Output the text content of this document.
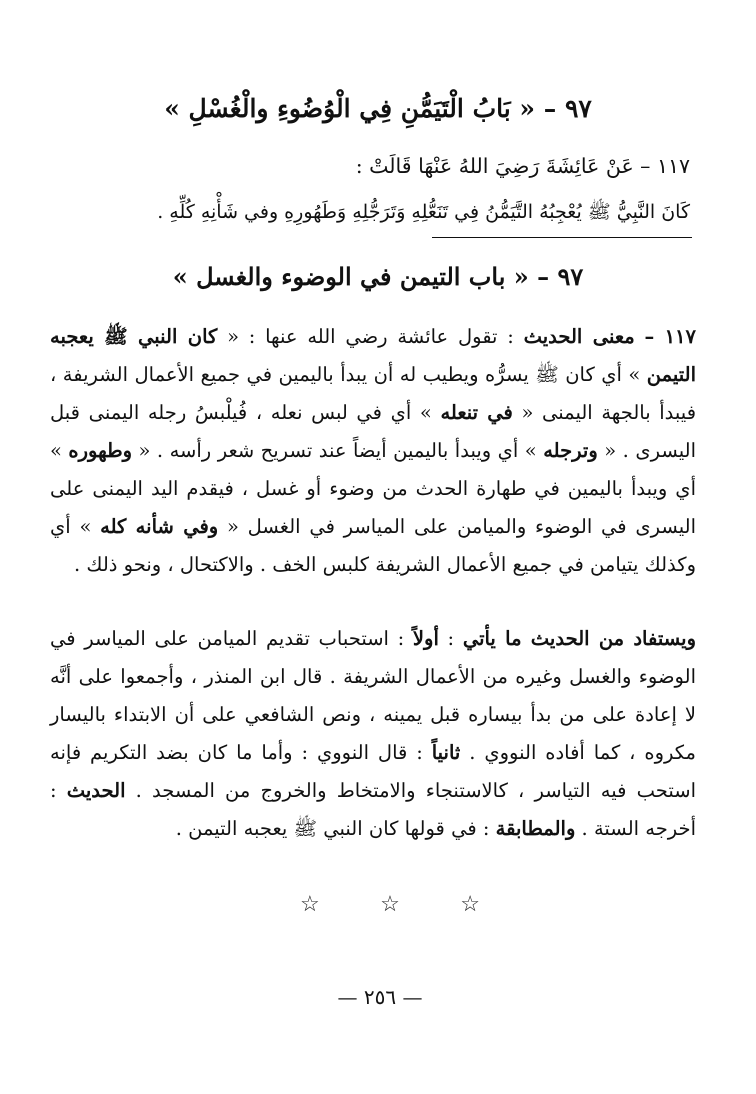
٩٧ – « بَابُ الْتَيَمُّنِ فِي الْوُضُوءِ والْغُسْلِ »
١١٧ – عَنْ عَائِشَةَ رَضِيَ اللهُ عَنْهَا قَالَتْ :
كَانَ النَّبِيُّ ﷺ يُعْجِبُهُ التَّيَمُّنُ فِي تَنَعُّلِهِ وَتَرَجُّلِهِ وَطَهُورِهِ وفي شَأْنِهِ كُلِّهِ .
٩٧ – « باب التيمن في الوضوء والغسل »
١١٧ – معنى الحديث : تقول عائشة رضي الله عنها : « كان النبي ﷺ يعجبه التيمن » أي كان ﷺ يسرُّه ويطيب له أن يبدأ باليمين في جميع الأعمال الشريفة ، فيبدأ بالجهة اليمنى « في تنعله » أي في لبس نعله ، فُيلْبسُ رجله اليمنى قبل اليسرى . « وترجله » أي ويبدأ باليمين أيضاً عند تسريح شعر رأسه . « وطهوره » أي ويبدأ باليمين في طهارة الحدث من وضوء أو غسل ، فيقدم اليد اليمنى على اليسرى في الوضوء والميامن على المياسر في الغسل « وفي شأنه كله » أي وكذلك يتيامن في جميع الأعمال الشريفة كلبس الخف . والاكتحال ، ونحو ذلك .
ويستفاد من الحديث ما يأتي : أولاً : استحباب تقديم الميامن على المياسر في الوضوء والغسل وغيره من الأعمال الشريفة . قال ابن المنذر ، وأجمعوا على أنَّه لا إعادة على من بدأ بيساره قبل يمينه ، ونص الشافعي على أن الابتداء باليسار مكروه ، كما أفاده النووي . ثانياً : قال النووي : وأما ما كان بضد التكريم فإنه استحب فيه التياسر ، كالاستنجاء والامتخاط والخروج من المسجد . الحديث : أخرجه الستة . والمطابقة : في قولها كان النبي ﷺ يعجبه التيمن .
☆	☆	☆
— ٢٥٦ —
